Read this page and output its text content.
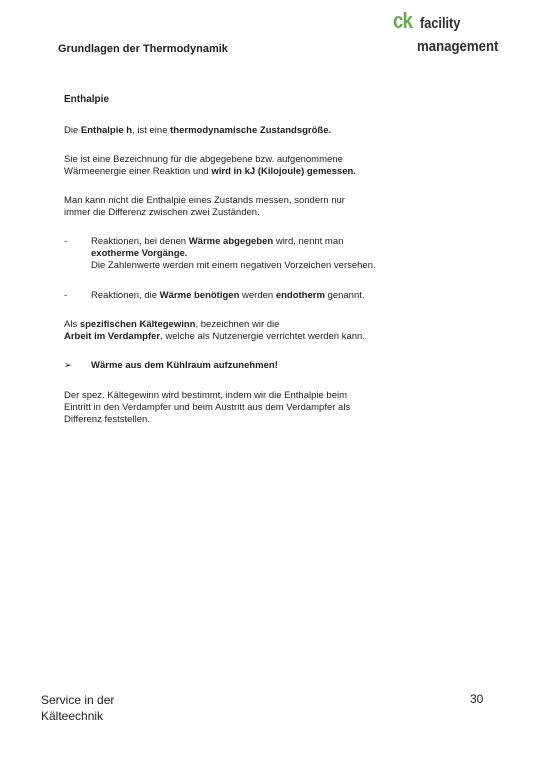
Grundlagen der Thermodynamik
ck facility
management

Enthalpie

Die Enthalpie h, ist eine thermodynamische Zustandsgröße.

Sie ist eine Bezeichnung für die abgegebene bzw. aufgenommene
Wärmeenergie einer Reaktion und wird in kJ (Kilojoule) gemessen.

Man kann nicht die Enthalpie eines Zustands messen, sondern nur
immer die Differenz zwischen zwei Zuständen.

-	Reaktionen, bei denen Wärme abgegeben wird, nennt man
exotherme Vorgänge.
Die Zahlenwerte werden mit einem negativen Vorzeichen versehen.

-	Reaktionen, die Wärme benötigen werden endotherm genannt.

Als spezifischen Kältegewinn, bezeichnen wir die
Arbeit im Verdampfer, welche als Nutzenergie verrichtet werden kann.

➢ Wärme aus dem Kühlraum aufzunehmen!

Der spez. Kältegewinn wird bestimmt, indem wir die Enthalpie beim
Eintritt in den Verdampfer und beim Austritt aus dem Verdampfer als
Differenz feststellen.

Service in der
Kälteechnik
30
